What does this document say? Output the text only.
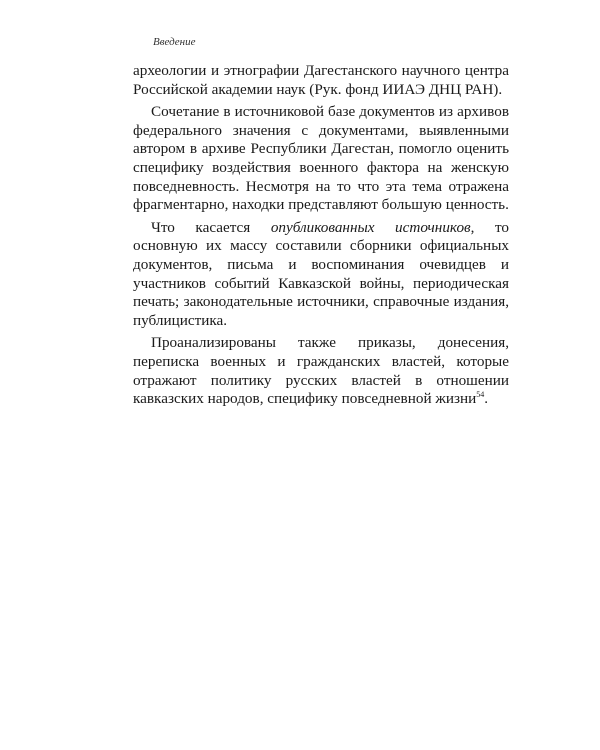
Введение

археологии и этнографии Дагестанского научного центра Российской академии наук (Рук. фонд ИИАЭ ДНЦ РАН).

Сочетание в источниковой базе документов из архивов федерального значения с документами, выявленными автором в архиве Республики Дагестан, помогло оценить специфику воздействия военного фактора на женскую повседневность. Несмотря на то что эта тема отражена фрагментарно, находки представляют большую ценность.

Что касается опубликованных источников, то основную их массу составили сборники официальных документов, письма и воспоминания очевидцев и участников событий Кавказской войны, периодическая печать; законодательные источники, справочные издания, публицистика.

Проанализированы также приказы, донесения, переписка военных и гражданских властей, которые отражают политику русских властей в отношении кавказских народов, специфику повседневной жизни$^{54}$.
